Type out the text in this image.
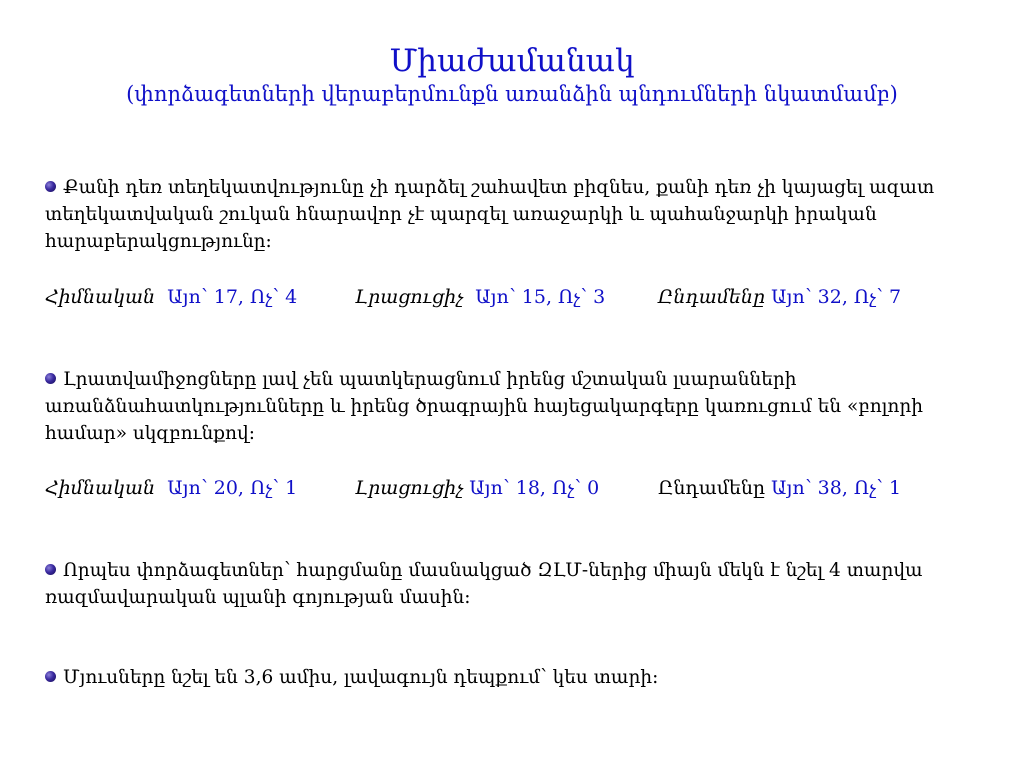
Միաժամանակ
(փորձագետների վերաբերմունքն առանձին պնդումների նկատմամբ)

Քանի դեռ տեղեկատվությունը չի դարձել շահավետ բիզնես, քանի դեռ չի կայացել ազատ տեղեկատվական շուկան հնարավոր չէ պարզել առաջարկի և պահանջարկի իրական հարաբերակցությունը:

Հիմնական Այո՝ 17, Ոչ՝ 4	Լրացուցիչ Այո՝ 15, Ոչ՝ 3	Ընդամենը Այո՝ 32, Ոչ՝ 7

Լրատվամիջոցները լավ չեն պատկերացնում իրենց մշտական լսարանների առանձնահատկությունները և իրենց ծրագրային հայեցակարգերը կառուցում են «բոլորի համար» սկզբունքով:

Հիմնական Այո՝ 20, Ոչ՝ 1	Լրացուցիչ Այո՝ 18, Ոչ՝ 0	Ընդամենը Այո՝ 38, Ոչ՝ 1

Որպես փորձագետներ՝ հարցմանը մասնակցած ԶԼՄ-ներից միայն մեկն է նշել 4 տարվա ռազմավարական պլանի գոյության մասին:

Մյուսները նշել են 3,6 ամիս, լավագույն դեպքում՝ կես տարի:
